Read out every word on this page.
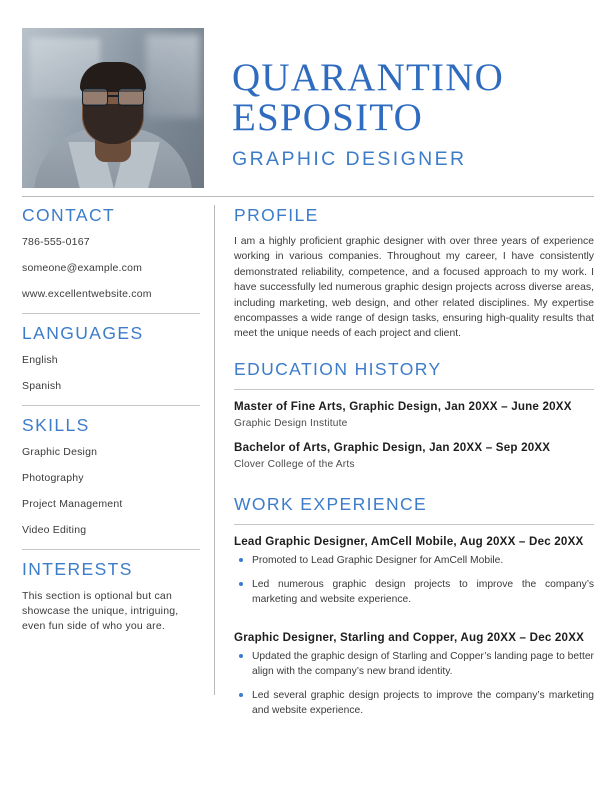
QUARANTINO
ESPOSITO
GRAPHIC DESIGNER
CONTACT

786-555-0167

someone@example.com

www.excellentwebsite.com

LANGUAGES

English

Spanish

SKILLS

Graphic Design

Photography

Project Management

Video Editing

INTERESTS

This section is optional but can showcase the unique, intriguing, even fun side of who you are.

PROFILE

I am a highly proficient graphic designer with over three years of experience working in various companies. Throughout my career, I have consistently demonstrated reliability, competence, and a focused approach to my work. I have successfully led numerous graphic design projects across diverse areas, including marketing, web design, and other related disciplines. My expertise encompasses a wide range of design tasks, ensuring high-quality results that meet the unique needs of each project and client.

EDUCATION HISTORY

Master of Fine Arts, Graphic Design, Jan 20XX – June 20XX

Graphic Design Institute

Bachelor of Arts, Graphic Design, Jan 20XX – Sep 20XX

Clover College of the Arts

WORK EXPERIENCE

Lead Graphic Designer, AmCell Mobile, Aug 20XX – Dec 20XX

Promoted to Lead Graphic Designer for AmCell Mobile.
Led numerous graphic design projects to improve the company’s marketing and website experience.

Graphic Designer, Starling and Copper, Aug 20XX – Dec 20XX

Updated the graphic design of Starling and Copper’s landing page to better align with the company’s new brand identity.
Led several graphic design projects to improve the company’s marketing and website experience.
